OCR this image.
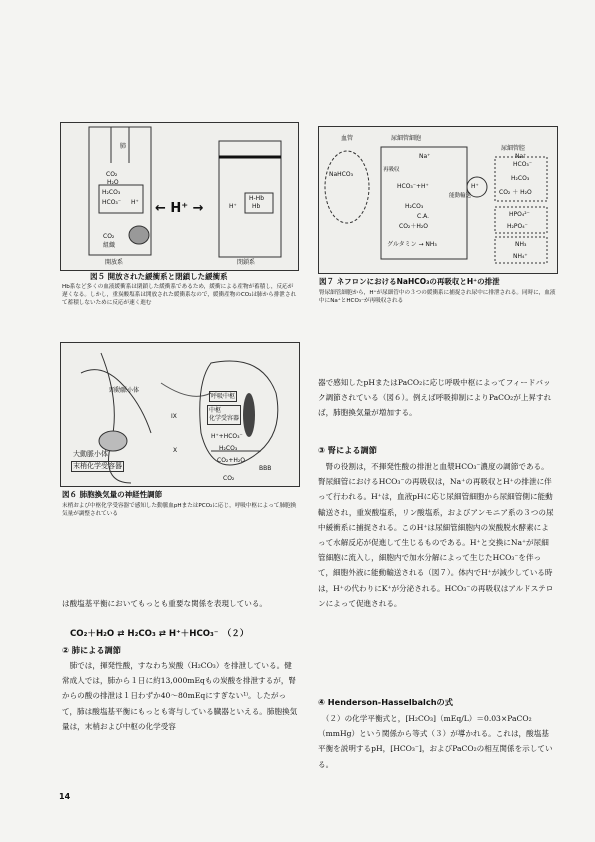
肺
CO₂
H₂O
H₂CO₃
HCO₃⁻ H⁺
CO₂
組織
開放系
← H⁺ →
H-Hb
H⁺	Hb
閉鎖系
図５ 開放された緩衝系と閉鎖した緩衝系
Hb系など多くの血液緩衝系は閉鎖した緩衝系であるため，緩衝による産物が蓄積し，反応が遅くなる。しかし，重炭酸塩系は開放された緩衝系なので，緩衝産物のCO₂は肺から排泄されて蓄積しないために反応が速く進む
血管	尿細管細胞
尿細管腔
NaHCO₃
Na⁺	Na⁺
再吸収
HCO₃⁻+H⁺
能動輸送
H⁺
H₂CO₃
C.A.
CO₂＋H₂O
グルタミン → NH₃
HCO₃⁻
H₂CO₃
CO₂ ＋ H₂O
HPO₄²⁻
H₂PO₄⁻
NH₃
NH₄⁺
図７ ネフロンにおけるNaHCO₃の再吸収とH⁺の排泄
腎尿細管細胞から，H⁺が尿細管中の３つの緩衝系に捕捉され尿中に排泄される。同時に，血液中にNa⁺とHCO₃⁻が再吸収される
頸動脈小体
呼吸中枢
中枢
化学受容器
IX
X
H⁺+HCO₃⁻
H₂CO₃
CO₂+H₂O
BBB
CO₂
大動脈小体
末梢化学受容器
図６ 肺胞換気量の神経性調節
末梢および中枢化学受容器で感知した動脈血pHまたはPCO₂に応じ，呼吸中枢によって肺胞換気量が調整されている
は酸塩基平衡においてもっとも重要な関係を表現している。
CO₂＋H₂O ⇄ H₂CO₃ ⇄ H⁺＋HCO₃⁻　（２）
② 肺による調節
　肺では，揮発性酸，すなわち炭酸（H₂CO₃）を排泄している。健常成人では，肺から１日に約13,000mEqもの炭酸を排泄するが，腎からの酸の排泄は１日わずか40〜80mEqにすぎない¹⁾。したがって，肺は酸塩基平衡にもっとも寄与している臓器といえる。肺胞換気量は，末梢および中枢の化学受容
器で感知したpHまたはPaCO₂に応じ呼吸中枢によってフィードバック調節されている（図６）。例えば呼吸抑制によりPaCO₂が上昇すれば，肺胞換気量が増加する。
③ 腎による調節
　腎の役割は，不揮発性酸の排泄と血漿HCO₃⁻濃度の調節である。腎尿細管におけるHCO₃⁻の再吸収は，Na⁺の再吸収とH⁺の排泄に伴って行われる。H⁺は，血液pHに応じ尿細管細胞から尿細管側に能動輸送され，重炭酸塩系，リン酸塩系，およびアンモニア系の３つの尿中緩衝系に捕捉される。このH⁺は尿細管細胞内の炭酸脱水酵素によって水解反応が促進して生じるものである。H⁺と交換にNa⁺が尿細管細胞に流入し，細胞内で加水分解によって生じたHCO₃⁻を伴って，細胞外液に能動輸送される（図７）。体内でH⁺が減少している時は，H⁺の代わりにK⁺が分泌される。HCO₃⁻の再吸収はアルドステロンによって促進される。
④ Henderson-Hasselbalchの式
　（２）の化学平衡式と，[H₂CO₃]（mEq/L）＝0.03×PaCO₂（mmHg）という関係から等式（３）が導かれる。これは，酸塩基平衡を説明するpH，[HCO₃⁻]，およびPaCO₂の相互関係を示している。
14
